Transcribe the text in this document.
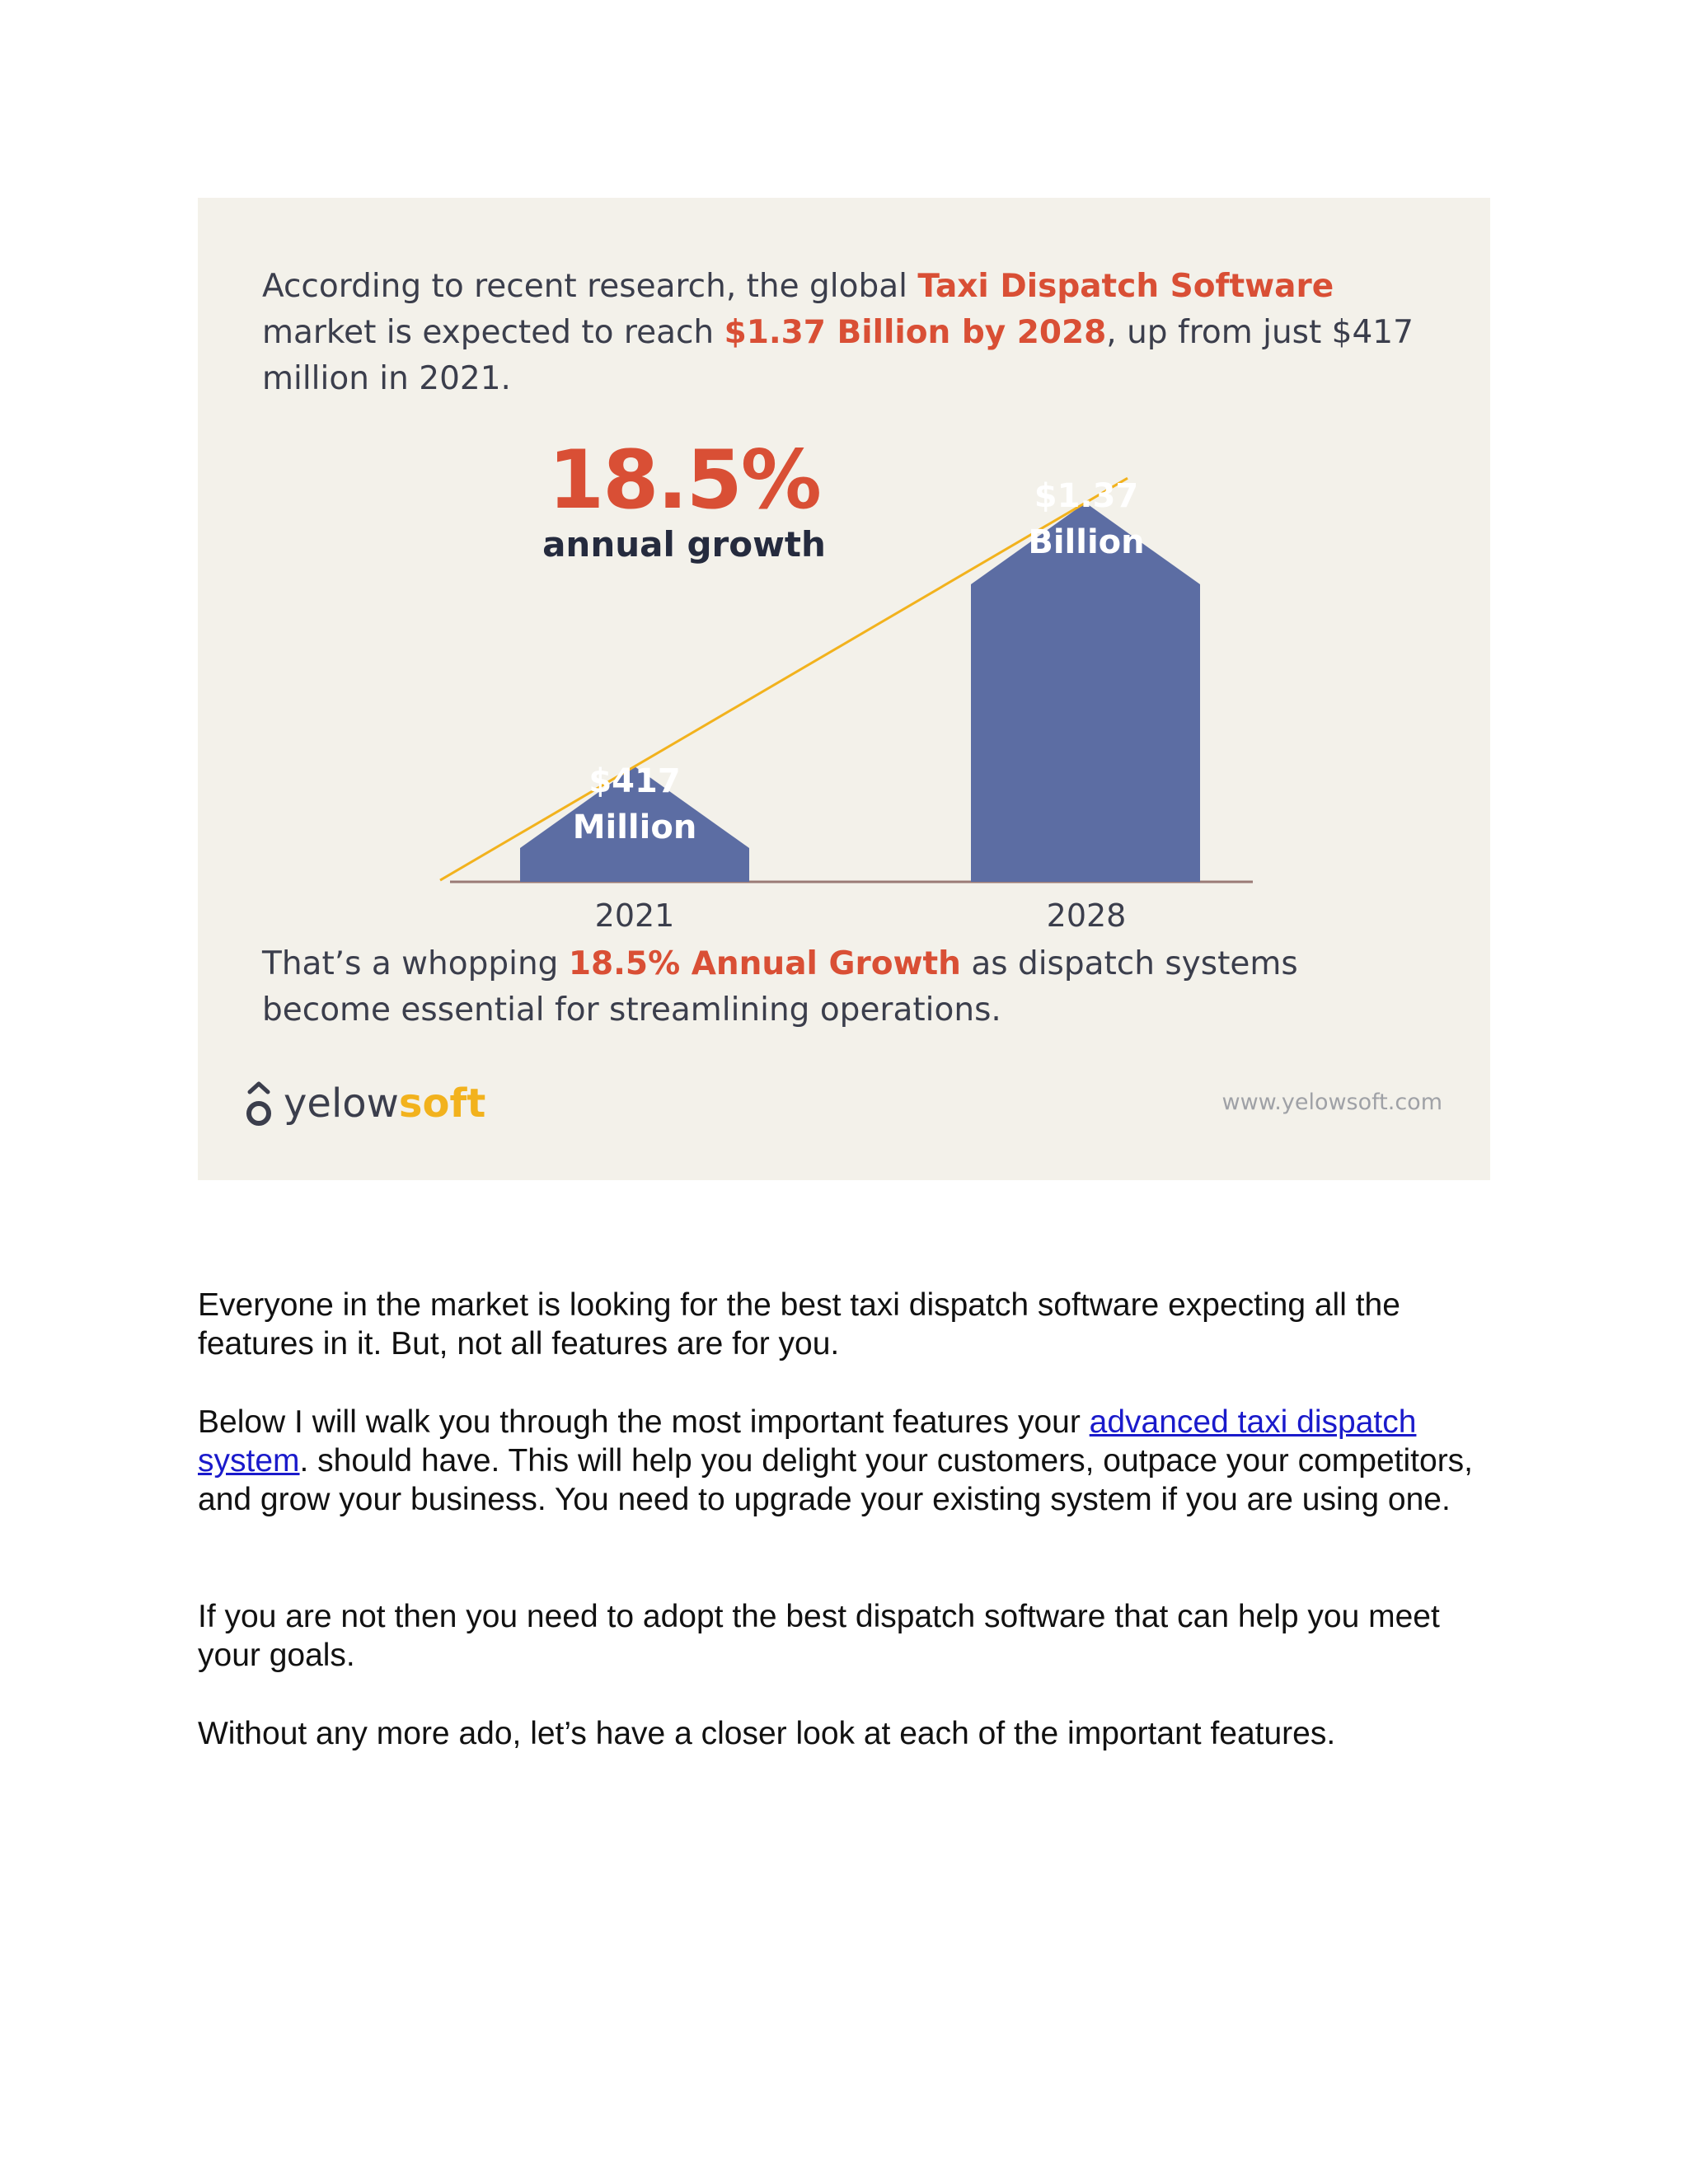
According to recent research, the global Taxi Dispatch Software market is expected to reach $1.37 Billion by 2028, up from just $417 million in 2021.

18.5%
annual growth
$417
Million
$1.37
Billion
2021	2028

That’s a whopping 18.5% Annual Growth as dispatch systems become essential for streamlining operations.

yelowsoft	www.yelowsoft.com

Everyone in the market is looking for the best taxi dispatch software expecting all the features in it. But, not all features are for you.

Below I will walk you through the most important features your advanced taxi dispatch system. should have. This will help you delight your customers, outpace your competitors, and grow your business. You need to upgrade your existing system if you are using one.

If you are not then you need to adopt the best dispatch software that can help you meet your goals.

Without any more ado, let’s have a closer look at each of the important features.
